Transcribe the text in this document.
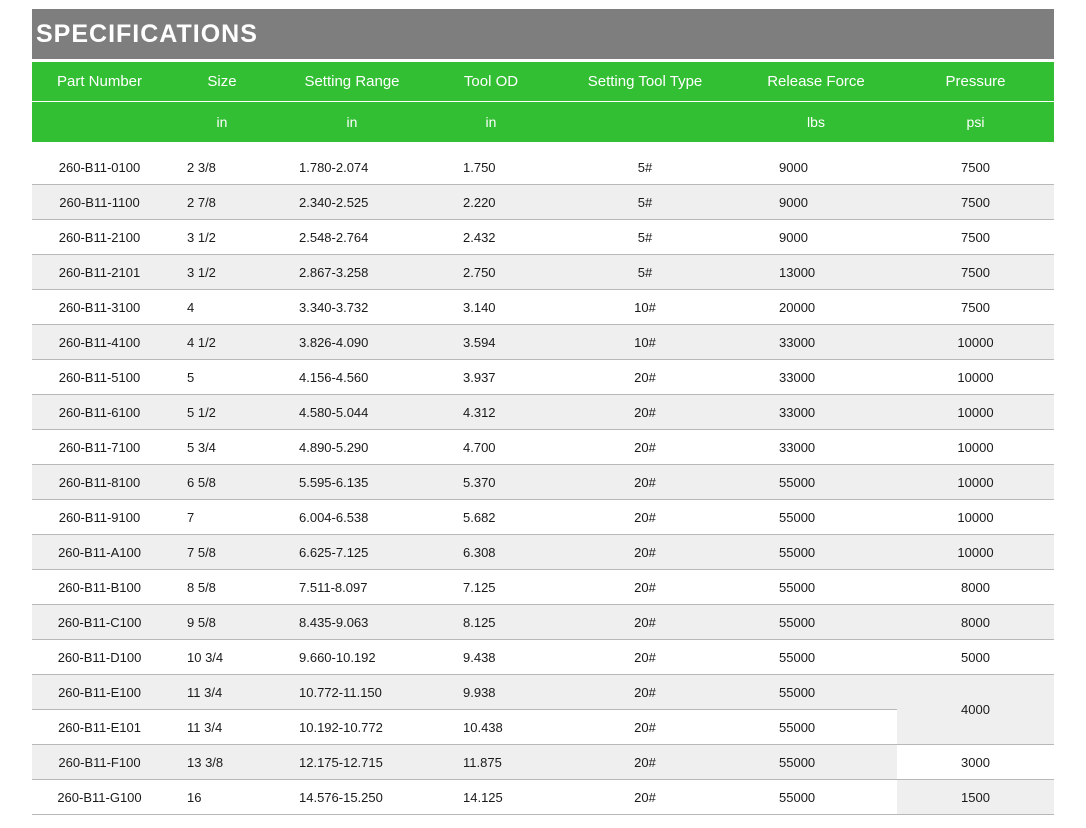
SPECIFICATIONS
Part Number	Size	Setting Range	Tool OD	Setting Tool Type	Release Force	Pressure
	in	in	in		lbs	psi

260-B11-0100	2 3/8	1.780-2.074	1.750	5#	9000	7500
260-B11-1100	2 7/8	2.340-2.525	2.220	5#	9000	7500
260-B11-2100	3 1/2	2.548-2.764	2.432	5#	9000	7500
260-B11-2101	3 1/2	2.867-3.258	2.750	5#	13000	7500
260-B11-3100	4	3.340-3.732	3.140	10#	20000	7500
260-B11-4100	4 1/2	3.826-4.090	3.594	10#	33000	10000
260-B11-5100	5	4.156-4.560	3.937	20#	33000	10000
260-B11-6100	5 1/2	4.580-5.044	4.312	20#	33000	10000
260-B11-7100	5 3/4	4.890-5.290	4.700	20#	33000	10000
260-B11-8100	6 5/8	5.595-6.135	5.370	20#	55000	10000
260-B11-9100	7	6.004-6.538	5.682	20#	55000	10000
260-B11-A100	7 5/8	6.625-7.125	6.308	20#	55000	10000
260-B11-B100	8 5/8	7.511-8.097	7.125	20#	55000	8000
260-B11-C100	9 5/8	8.435-9.063	8.125	20#	55000	8000
260-B11-D100	10 3/4	9.660-10.192	9.438	20#	55000	5000
260-B11-E100	11 3/4	10.772-11.150	9.938	20#	55000	4000
260-B11-E101	11 3/4	10.192-10.772	10.438	20#	55000	
260-B11-F100	13 3/8	12.175-12.715	11.875	20#	55000	3000
260-B11-G100	16	14.576-15.250	14.125	20#	55000	1500
